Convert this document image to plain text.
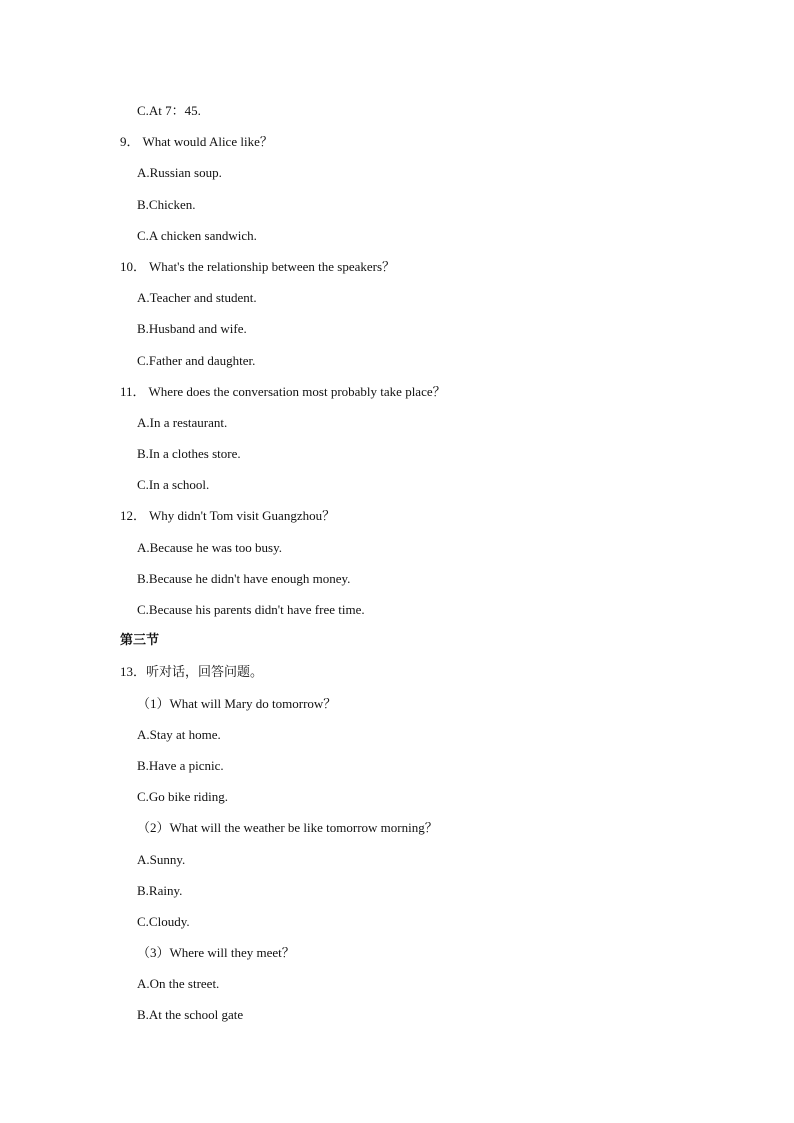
C.At 7：45.
9． What would Alice like？
A.Russian soup.
B.Chicken.
C.A chicken sandwich.
10． What's the relationship between the speakers？
A.Teacher and student.
B.Husband and wife.
C.Father and daughter.
11． Where does the conversation most probably take place？
A.In a restaurant.
B.In a clothes store.
C.In a school.
12． Why didn't Tom visit Guangzhou？
A.Because he was too busy.
B.Because he didn't have enough money.
C.Because his parents didn't have free time.
第三节
13．听对话，回答问题。
（1）What will Mary do tomorrow？
A.Stay at home.
B.Have a picnic.
C.Go bike riding.
（2）What will the weather be like tomorrow morning？
A.Sunny.
B.Rainy.
C.Cloudy.
（3）Where will they meet？
A.On the street.
B.At the school gate
